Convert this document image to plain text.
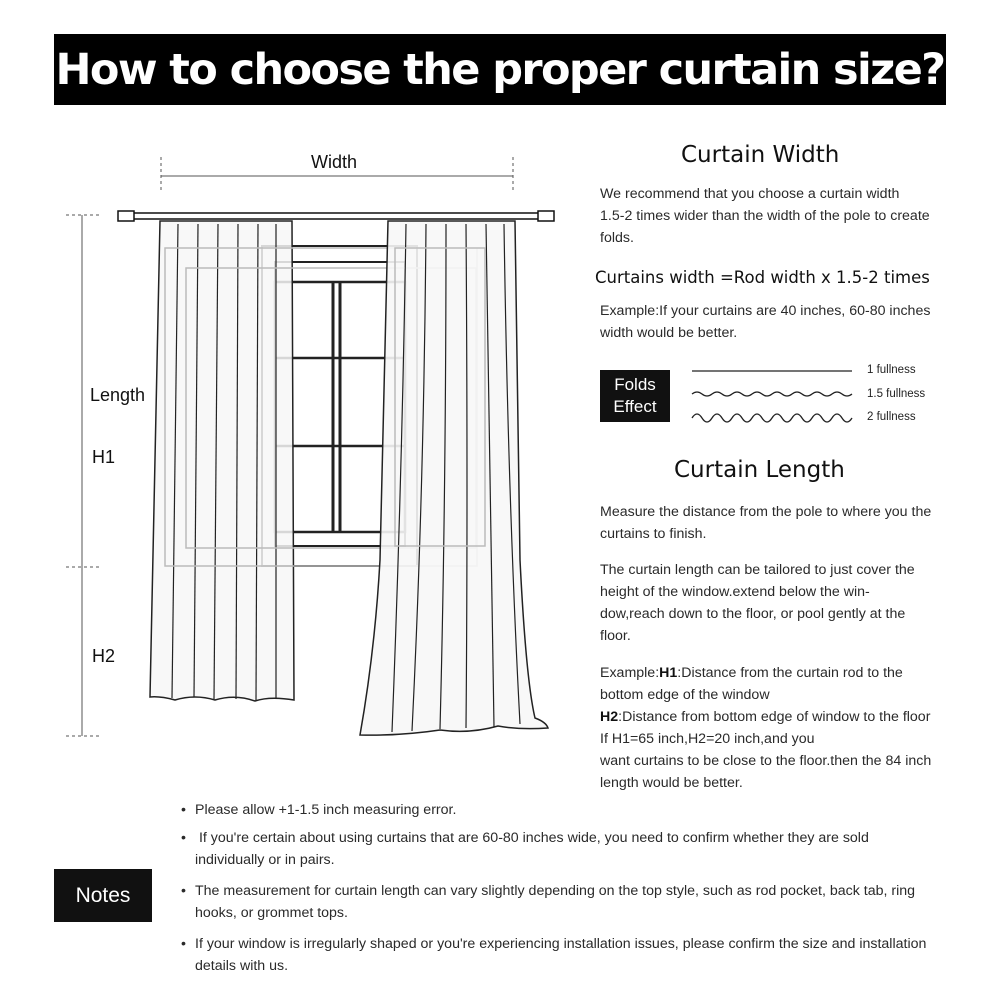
How to choose the proper curtain size?
Width
Length
H1
H2
Curtain Width
We recommend that you choose a curtain width
1.5-2 times wider than the width of the pole to create
folds.
Curtains width =Rod width x 1.5-2 times
Example:If your curtains are 40 inches, 60-80 inches
width would be better.
Folds
Effect
1 fullness
1.5 fullness
2 fullness
Curtain Length
Measure the distance from the pole to where you the
curtains to finish.
The curtain length can be tailored to just cover the
height of the window.extend below the win-
dow,reach down to the floor, or pool gently at the
floor.
Example:H1:Distance from the curtain rod to the
bottom edge of the window
H2:Distance from bottom edge of window to the floor
If H1=65 inch,H2=20 inch,and you
want curtains to be close to the floor.then the 84 inch
length would be better.
Notes
• Please allow +1-1.5 inch measuring error.
• If you're certain about using curtains that are 60-80 inches wide, you need to confirm whether they are sold
individually or in pairs.
• The measurement for curtain length can vary slightly depending on the top style, such as rod pocket, back tab, ring
hooks, or grommet tops.
• If your window is irregularly shaped or you're experiencing installation issues, please confirm the size and installation
details with us.
